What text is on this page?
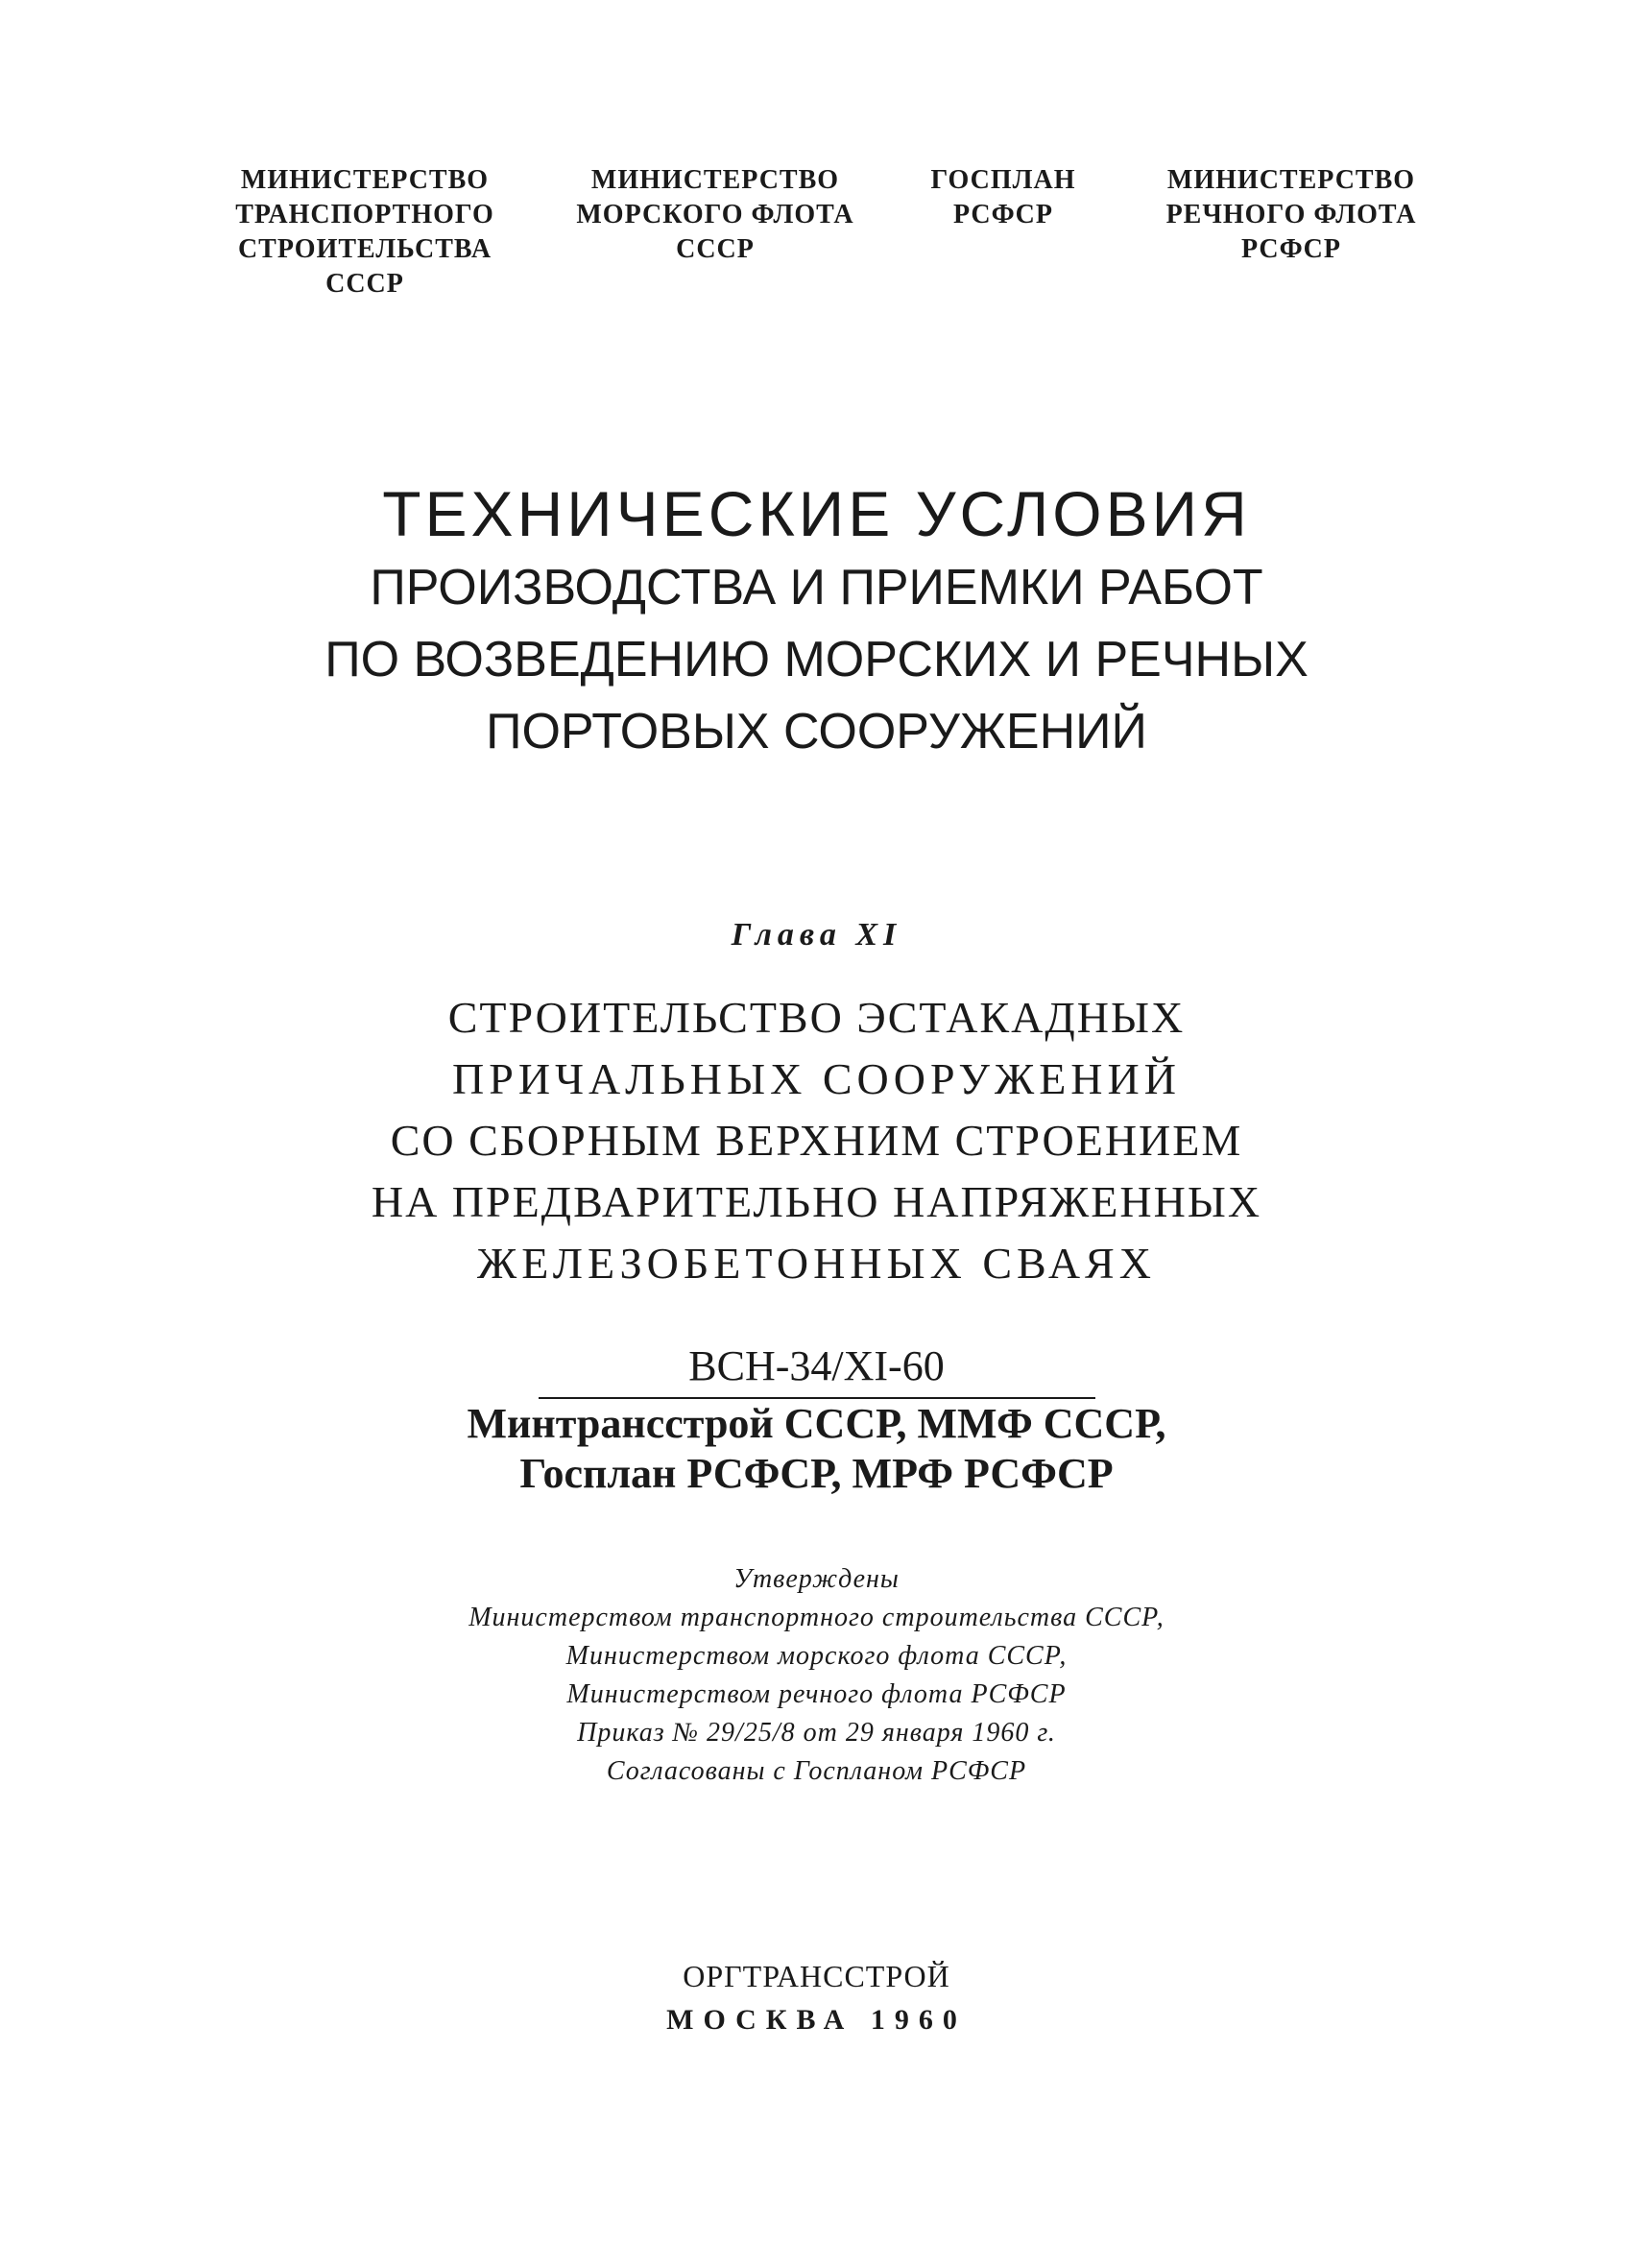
МИНИСТЕРСТВО
ТРАНСПОРТНОГО
СТРОИТЕЛЬСТВА
СССР
МИНИСТЕРСТВО
МОРСКОГО ФЛОТА
СССР
ГОСПЛАН
РСФСР
МИНИСТЕРСТВО
РЕЧНОГО ФЛОТА
РСФСР
ТЕХНИЧЕСКИЕ УСЛОВИЯ
ПРОИЗВОДСТВА И ПРИЕМКИ РАБОТ
ПО ВОЗВЕДЕНИЮ МОРСКИХ И РЕЧНЫХ
ПОРТОВЫХ СООРУЖЕНИЙ
Глава XI
СТРОИТЕЛЬСТВО ЭСТАКАДНЫХ
ПРИЧАЛЬНЫХ СООРУЖЕНИЙ
СО СБОРНЫМ ВЕРХНИМ СТРОЕНИЕМ
НА ПРЕДВАРИТЕЛЬНО НАПРЯЖЕННЫХ
ЖЕЛЕЗОБЕТОННЫХ СВАЯХ
ВСН-34/XI-60
Минтрансстрой СССР, ММФ СССР,
Госплан РСФСР, МРФ РСФСР
Утверждены
Министерством транспортного строительства СССР,
Министерством морского флота СССР,
Министерством речного флота РСФСР
Приказ № 29/25/8 от 29 января 1960 г.
Согласованы с Госпланом РСФСР
ОРГТРАНССТРОЙ
МОСКВА 1960
